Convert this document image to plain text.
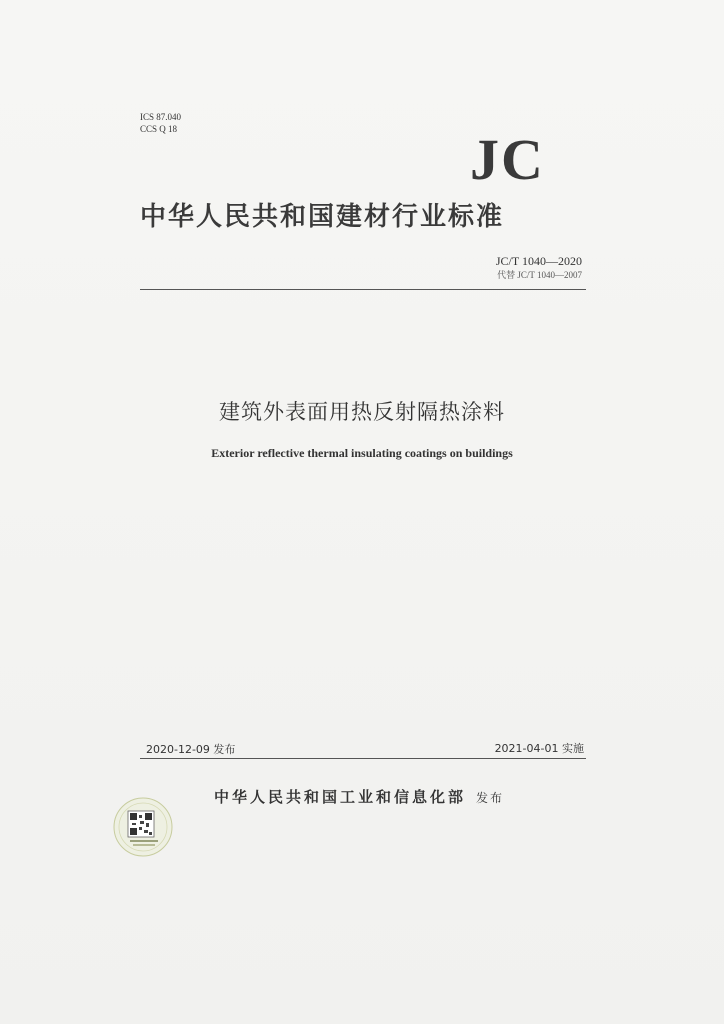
ICS 87.040
CCS Q 18	JC
中华人民共和国建材行业标准
JC/T 1040—2020
代替 JC/T 1040—2007
建筑外表面用热反射隔热涂料
Exterior reflective thermal insulating coatings on buildings
2020-12-09 发布	2021-04-01 实施
中华人民共和国工业和信息化部 发布
